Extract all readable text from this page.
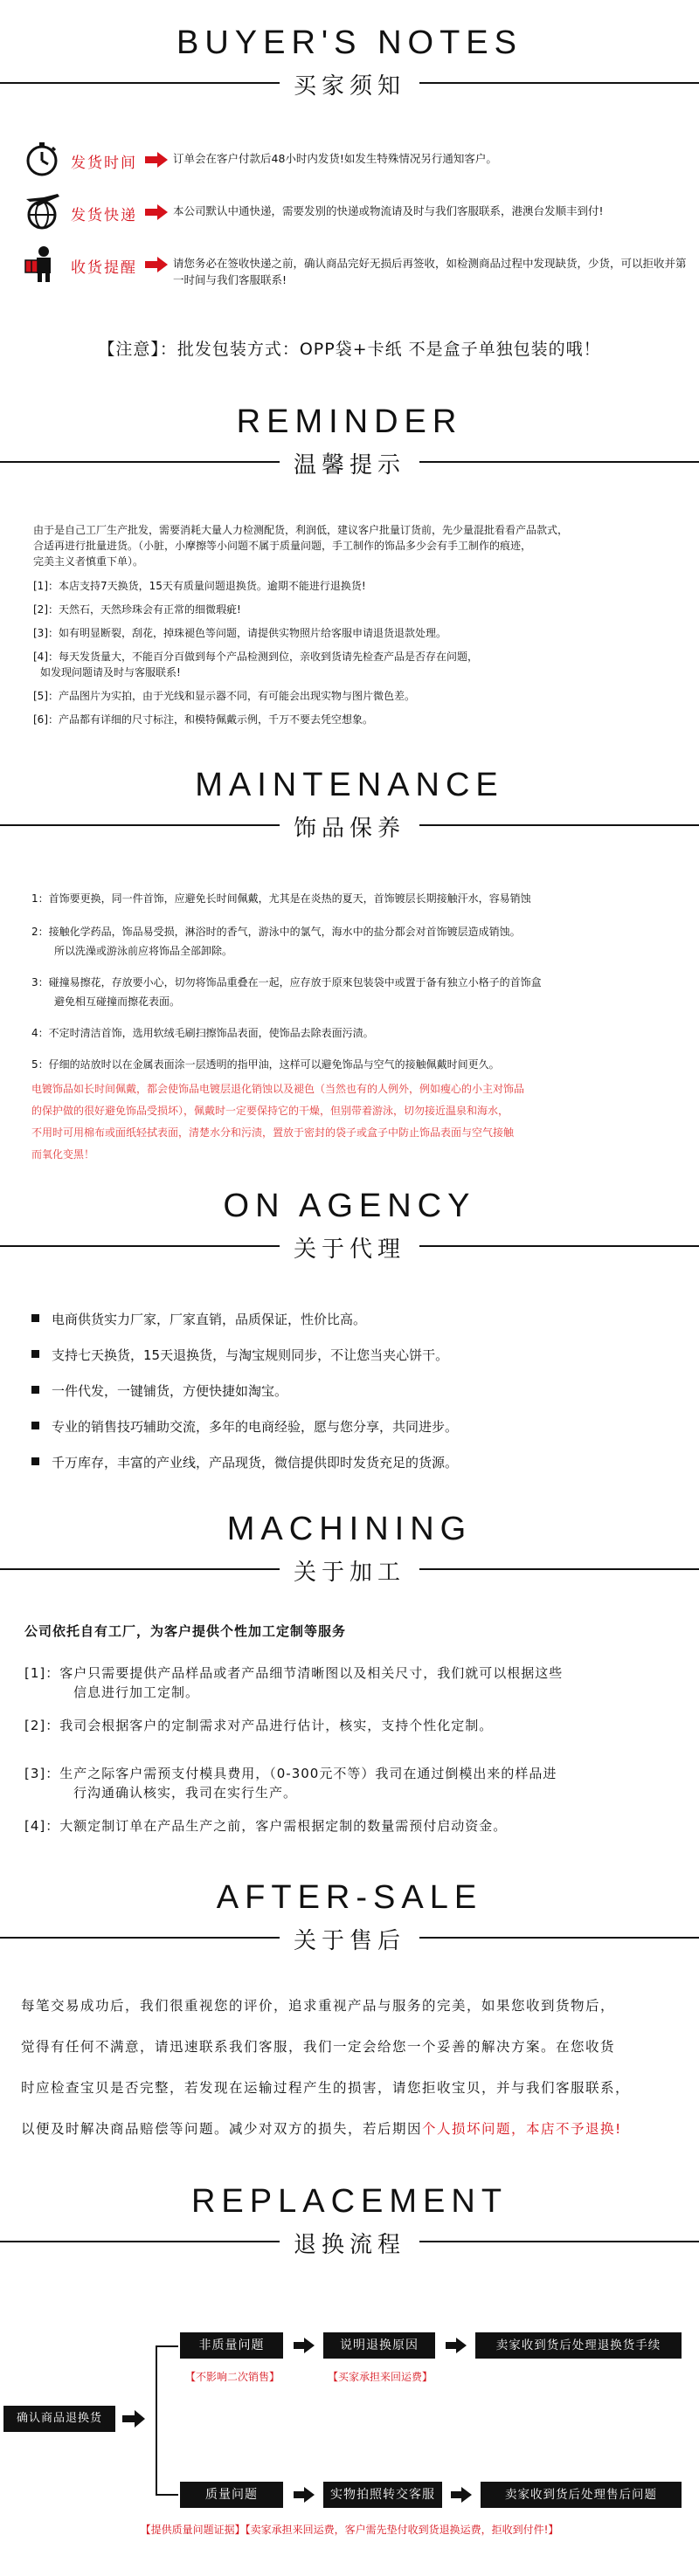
BUYER'S NOTES
买家须知
发货时间	订单会在客户付款后48小时内发货!如发生特殊情况另行通知客户。
发货快递	本公司默认中通快递，需要发别的快递或物流请及时与我们客服联系，港澳台发顺丰到付!
收货提醒	请您务必在签收快递之前，确认商品完好无损后再签收，如检测商品过程中发现缺货，少货，可以拒收并第一时间与我们客服联系!
【注意】：批发包装方式：OPP袋+卡纸 不是盒子单独包装的哦！
REMINDER
温馨提示
由于是自己工厂生产批发，需要消耗大量人力检测配货，利润低，建议客户批量订货前，先少量混批看看产品款式，
合适再进行批量进货。（小脏，小摩擦等小问题不属于质量问题，手工制作的饰品多少会有手工制作的痕迹，
完美主义者慎重下单）。
[1]：本店支持7天换货，15天有质量问题退换货。逾期不能进行退换货!
[2]：天然石，天然珍珠会有正常的细微瑕疵!
[3]：如有明显断裂，刮花，掉珠褪色等问题，请提供实物照片给客服申请退货退款处理。
[4]：每天发货量大，不能百分百做到每个产品检测到位，亲收到货请先检查产品是否存在问题，
如发现问题请及时与客服联系!
[5]：产品图片为实拍，由于光线和显示器不同，有可能会出现实物与图片微色差。
[6]：产品都有详细的尺寸标注，和模特佩戴示例，千万不要去凭空想象。
MAINTENANCE
饰品保养
1：首饰要更换，同一件首饰，应避免长时间佩戴，尤其是在炎热的夏天，首饰镀层长期接触汗水，容易销蚀
2：接触化学药品，饰品易受损，淋浴时的香气，游泳中的氯气，海水中的盐分都会对首饰镀层造成销蚀。
所以洗澡或游泳前应将饰品全部卸除。
3：碰撞易擦花，存放要小心，切勿将饰品重叠在一起，应存放于原來包装袋中或置于备有独立小格子的首饰盒
避免相互碰撞而擦花表面。
4：不定时清洁首饰，选用软绒毛刷扫擦饰品表面，使饰品去除表面污渍。
5：仔细的站放时以在金属表面涂一层透明的指甲油，这样可以避免饰品与空气的接触佩戴时间更久。
电镀饰品如长时间佩戴，都会使饰品电镀层退化销蚀以及褪色（当然也有的人例外，例如瘦心的小主对饰品
的保护做的很好避免饰品受损坏），佩戴时一定要保持它的干燥，但别带着游泳，切勿接近温泉和海水，
不用时可用棉布或面纸轻拭表面，清楚水分和污渍，置放于密封的袋子或盒子中防止饰品表面与空气接触
而氧化变黑！
ON AGENCY
关于代理
电商供货实力厂家，厂家直销，品质保证，性价比高。
支持七天换货，15天退换货，与淘宝规则同步，不让您当夹心饼干。
一件代发，一键铺货，方便快捷如淘宝。
专业的销售技巧辅助交流，多年的电商经验，愿与您分享，共同进步。
千万库存，丰富的产业线，产品现货，微信提供即时发货充足的货源。
MACHINING
关于加工
公司依托自有工厂，为客户提供个性加工定制等服务
[1]：客户只需要提供产品样品或者产品细节清晰图以及相关尺寸，我们就可以根据这些
信息进行加工定制。
[2]：我司会根据客户的定制需求对产品进行估计，核实，支持个性化定制。
[3]：生产之际客户需预支付模具费用，（0-300元不等）我司在通过倒模出来的样品进
行沟通确认核实，我司在实行生产。
[4]：大额定制订单在产品生产之前，客户需根据定制的数量需预付启动资金。
AFTER-SALE
关于售后
每笔交易成功后，我们很重视您的评价，追求重视产品与服务的完美，如果您收到货物后，
觉得有任何不满意，请迅速联系我们客服，我们一定会给您一个妥善的解决方案。在您收货
时应检查宝贝是否完整，若发现在运输过程产生的损害，请您拒收宝贝，并与我们客服联系，
以便及时解决商品赔偿等问题。减少对双方的损失，若后期因个人损坏问题，本店不予退换!
REPLACEMENT
退换流程
确认商品退换货
非质量问题	说明退换原因	卖家收到货后处理退换货手续
【不影响二次销售】	【买家承担来回运费】
质量问题	实物拍照转交客服	卖家收到货后处理售后问题
【提供质量问题证据】【卖家承担来回运费，客户需先垫付收到货退换运费，拒收到付件!】
